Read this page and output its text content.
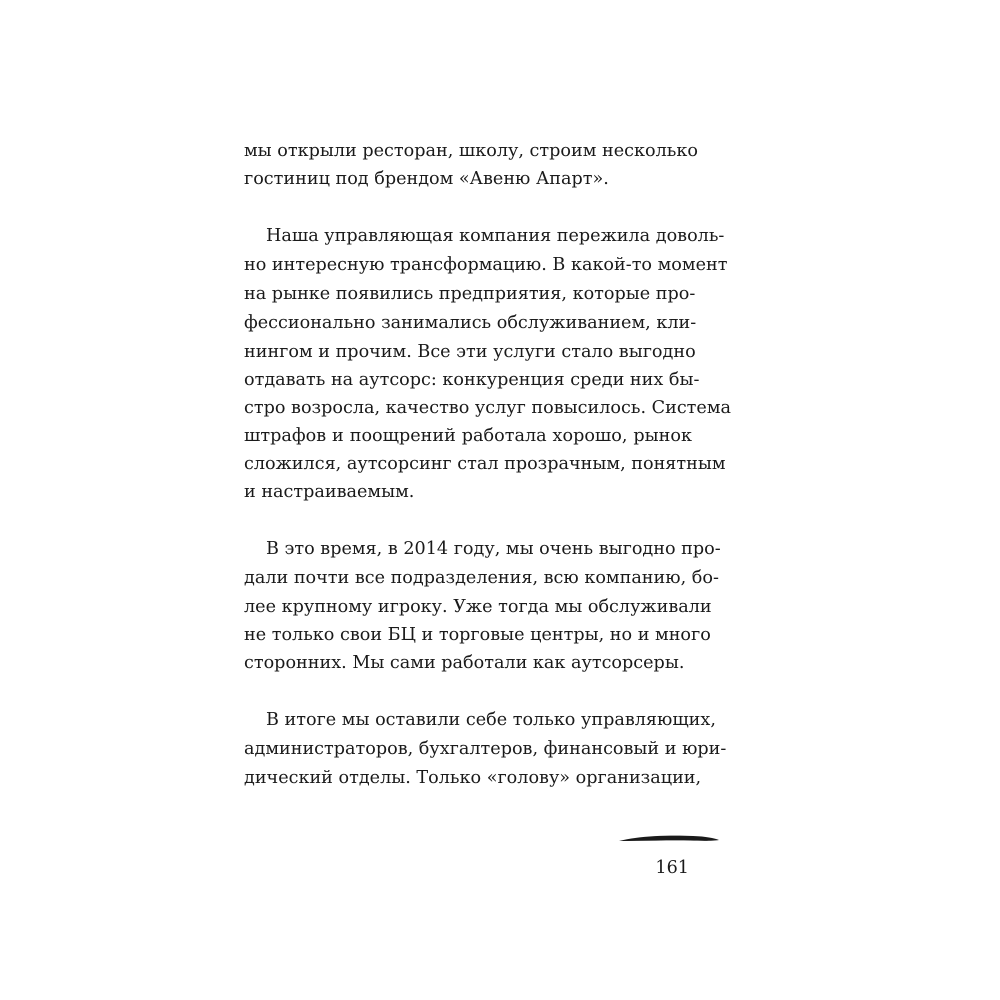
мы открыли ресторан, школу, строим несколько

гостиниц под брендом «Авеню Апарт».

Наша управляющая компания пережила доволь-

но интересную трансформацию. В какой-то момент

на рынке появились предприятия, которые про-

фессионально занимались обслуживанием, кли-

нингом и прочим. Все эти услуги стало выгодно

отдавать на аутсорс: конкуренция среди них бы-

стро возросла, качество услуг повысилось. Система

штрафов и поощрений работала хорошо, рынок

сложился, аутсорсинг стал прозрачным, понятным

и настраиваемым.

В это время, в 2014 году, мы очень выгодно про-

дали почти все подразделения, всю компанию, бо-

лее крупному игроку. Уже тогда мы обслуживали

не только свои БЦ и торговые центры, но и много

сторонних. Мы сами работали как аутсорсеры.

В итоге мы оставили себе только управляющих,

администраторов, бухгалтеров, финансовый и юри-

дический отделы. Только «голову» организации,

161
